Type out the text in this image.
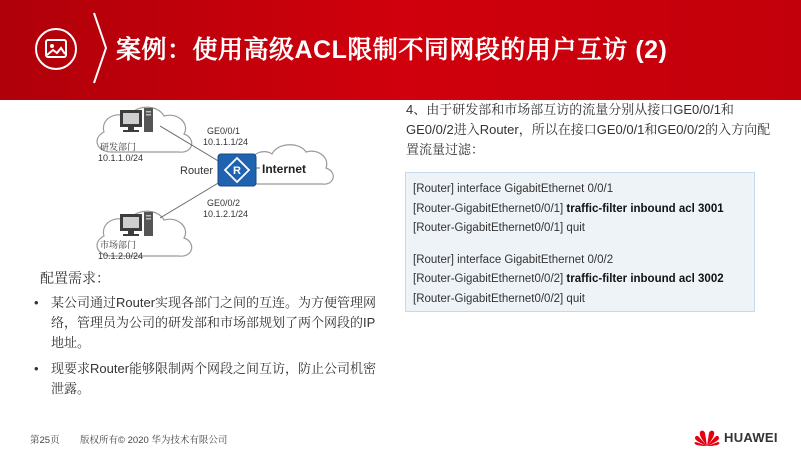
案例：使用高级ACL限制不同网段的用户互访 (2)
R
研发部门
10.1.1.0/24
市场部门
10.1.2.0/24
GE0/0/1
10.1.1.1/24
GE0/0/2
10.1.2.1/24
Router	Internet
配置需求：
• 某公司通过Router实现各部门之间的互连。为方便管理网络，管理员为公司的研发部和市场部规划了两个网段的IP地址。
• 现要求Router能够限制两个网段之间互访，防止公司机密泄露。
4、由于研发部和市场部互访的流量分别从接口GE0/0/1和GE0/0/2进入Router，所以在接口GE0/0/1和GE0/0/2的入方向配置流量过滤：
[Router] interface GigabitEthernet 0/0/1
[Router-GigabitEthernet0/0/1] traffic-filter inbound acl 3001
[Router-GigabitEthernet0/0/1] quit
[Router] interface GigabitEthernet 0/0/2
[Router-GigabitEthernet0/0/2] traffic-filter inbound acl 3002
[Router-GigabitEthernet0/0/2] quit
第25页 版权所有© 2020 华为技术有限公司	HUAWEI
